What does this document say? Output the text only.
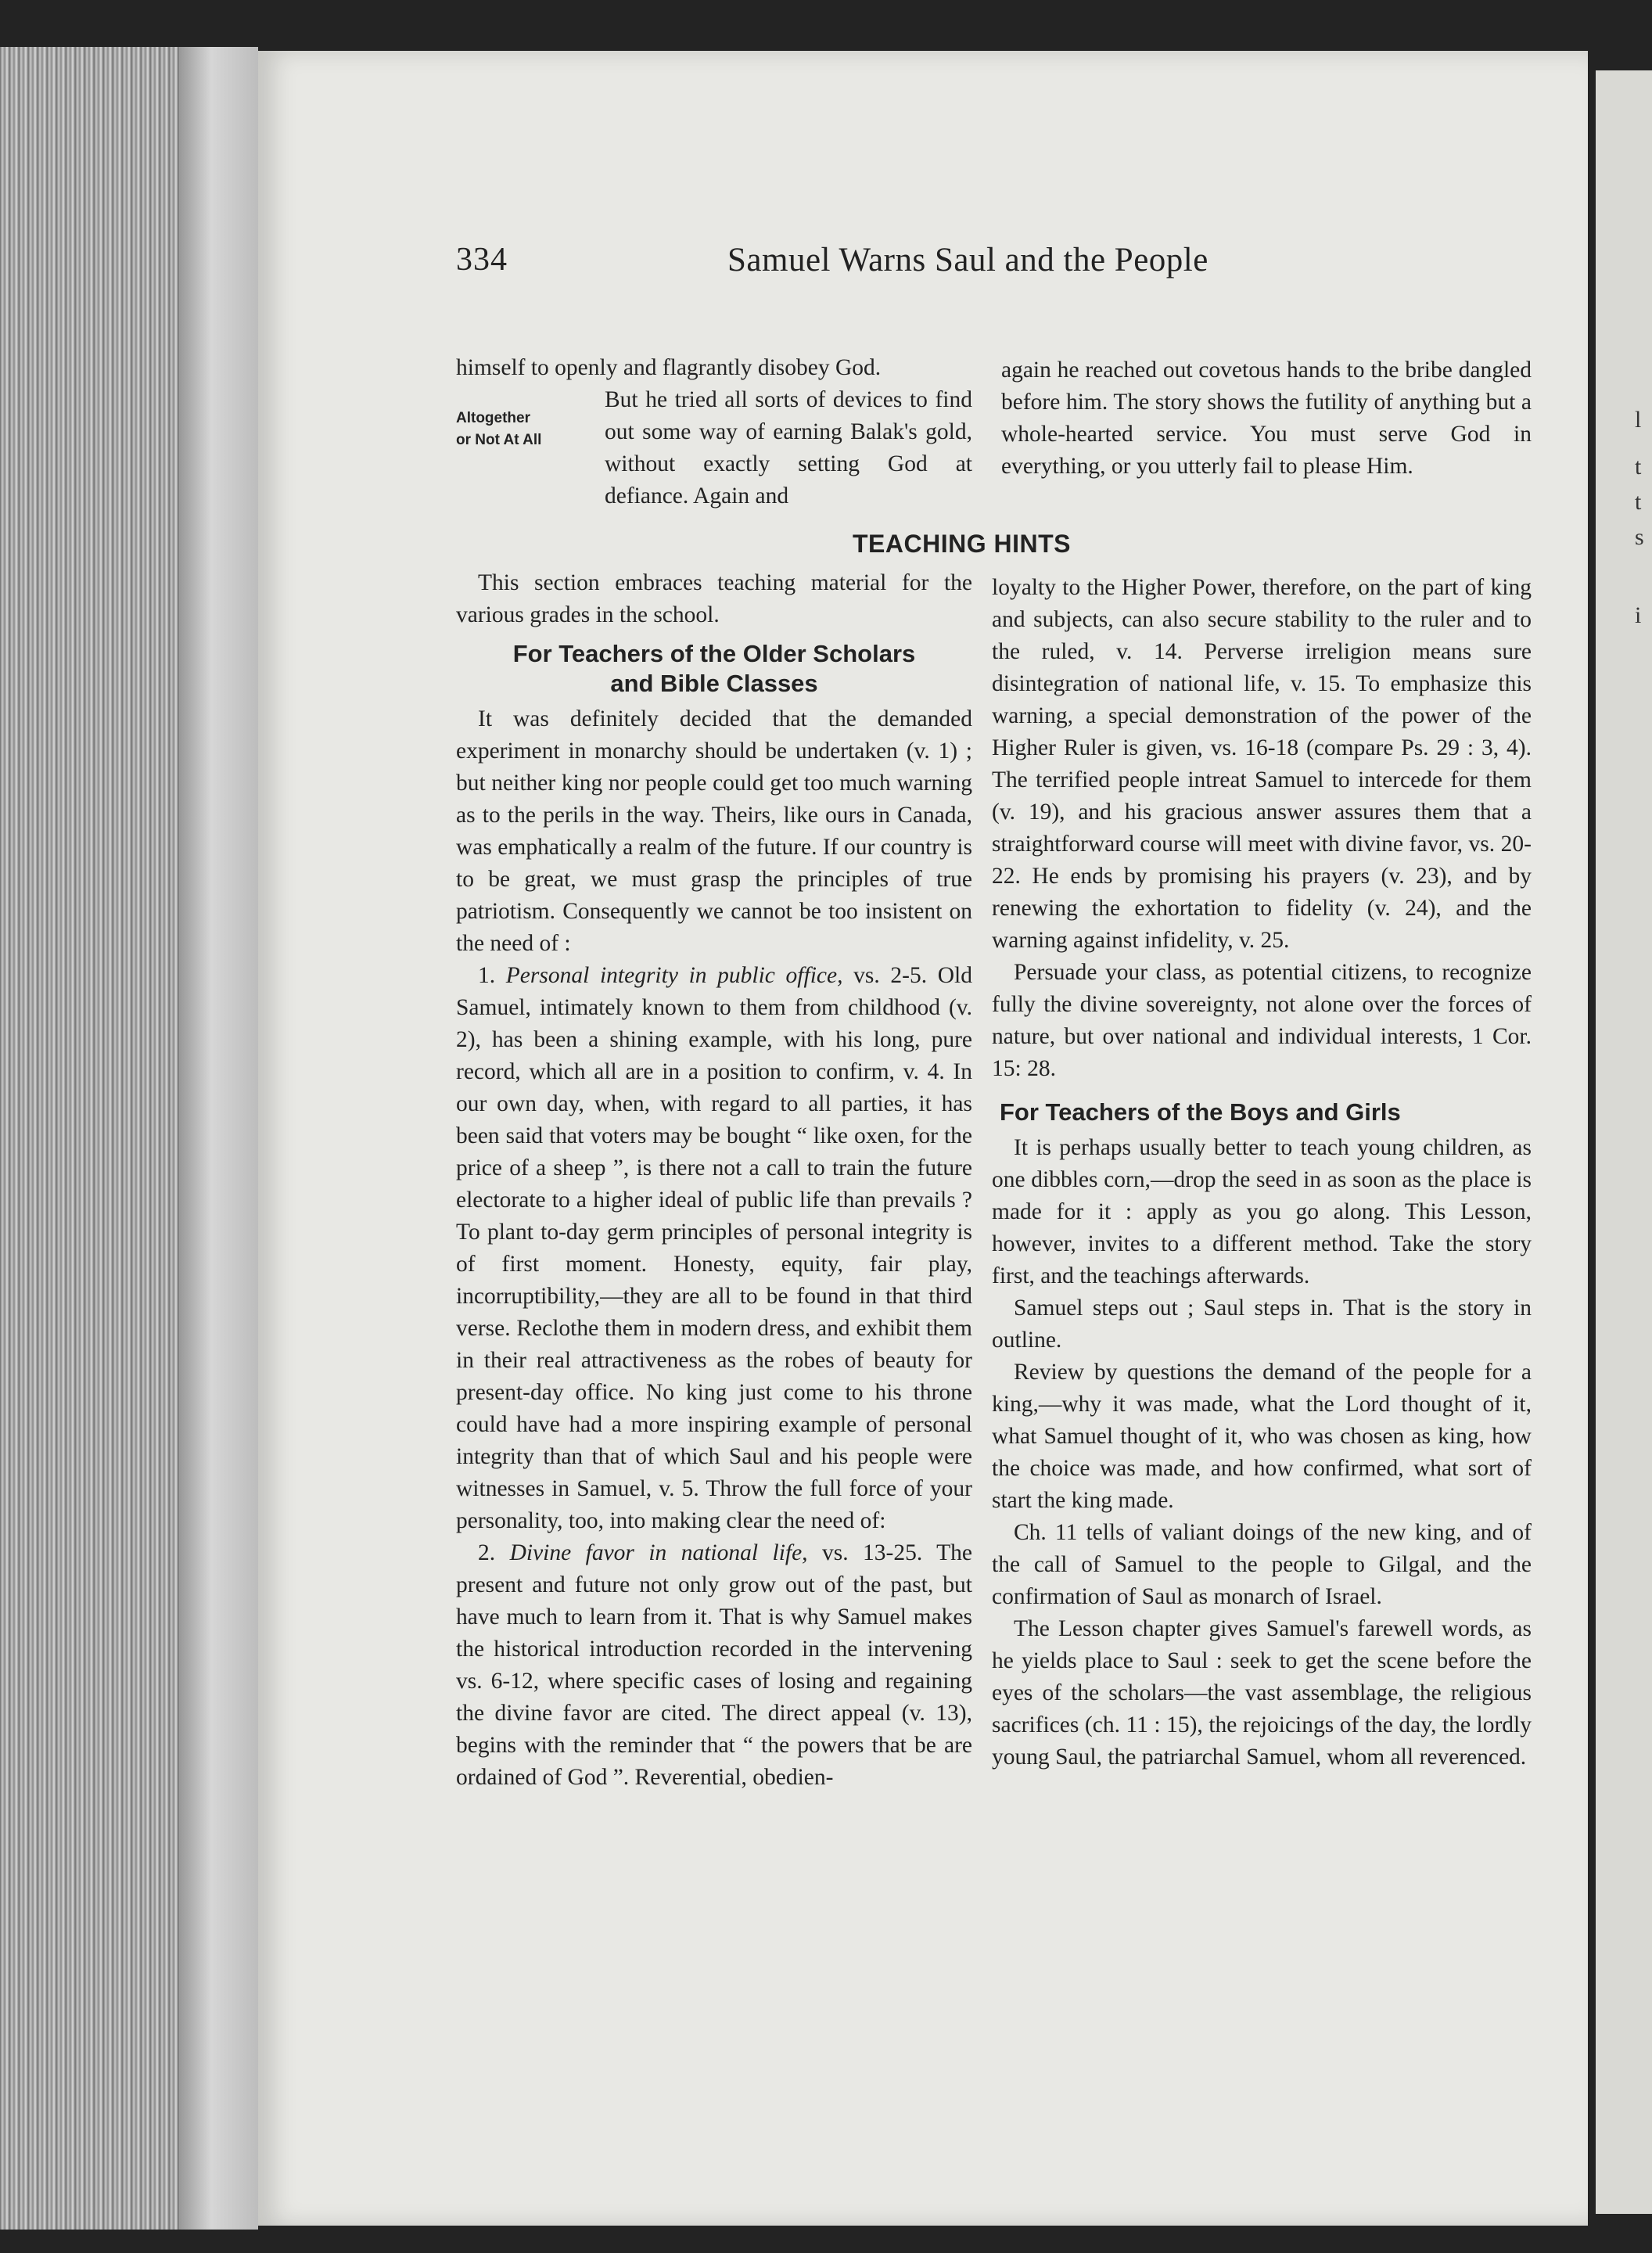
l
t
t
s
i
334	Samuel Warns Saul and the People

himself to openly and flagrantly disobey God.

Altogether
or Not At All

But he tried all sorts of devices to find out some way of earning Balak's gold, without exactly setting God at defiance. Again and

again he reached out covetous hands to the bribe dangled before him. The story shows the futility of anything but a whole-hearted service. You must serve God in everything, or you utterly fail to please Him.

TEACHING HINTS

This section embraces teaching material for the various grades in the school.

For Teachers of the Older Scholars
and Bible Classes

It was definitely decided that the demanded experiment in monarchy should be undertaken (v. 1) ; but neither king nor people could get too much warning as to the perils in the way. Theirs, like ours in Canada, was emphatically a realm of the future. If our country is to be great, we must grasp the principles of true patriotism. Consequently we cannot be too insistent on the need of :

1. Personal integrity in public office, vs. 2-5. Old Samuel, intimately known to them from childhood (v. 2), has been a shining example, with his long, pure record, which all are in a position to confirm, v. 4. In our own day, when, with regard to all parties, it has been said that voters may be bought “ like oxen, for the price of a sheep ”, is there not a call to train the future electorate to a higher ideal of public life than prevails ? To plant to-day germ principles of personal integrity is of first moment. Honesty, equity, fair play, incorruptibility,—they are all to be found in that third verse. Reclothe them in modern dress, and exhibit them in their real attractiveness as the robes of beauty for present-day office. No king just come to his throne could have had a more inspiring example of personal integrity than that of which Saul and his people were witnesses in Samuel, v. 5. Throw the full force of your personality, too, into making clear the need of:

2. Divine favor in national life, vs. 13-25. The present and future not only grow out of the past, but have much to learn from it. That is why Samuel makes the historical introduction recorded in the intervening vs. 6-12, where specific cases of losing and regaining the divine favor are cited. The direct appeal (v. 13), begins with the reminder that “ the powers that be are ordained of God ”. Reverential, obedien-

loyalty to the Higher Power, therefore, on the part of king and subjects, can also secure stability to the ruler and to the ruled, v. 14. Perverse irreligion means sure disintegration of national life, v. 15. To emphasize this warning, a special demonstration of the power of the Higher Ruler is given, vs. 16-18 (compare Ps. 29 : 3, 4). The terrified people intreat Samuel to intercede for them (v. 19), and his gracious answer assures them that a straightforward course will meet with divine favor, vs. 20-22. He ends by promising his prayers (v. 23), and by renewing the exhortation to fidelity (v. 24), and the warning against infidelity, v. 25.

Persuade your class, as potential citizens, to recognize fully the divine sovereignty, not alone over the forces of nature, but over national and individual interests, 1 Cor. 15: 28.

For Teachers of the Boys and Girls

It is perhaps usually better to teach young children, as one dibbles corn,—drop the seed in as soon as the place is made for it : apply as you go along. This Lesson, however, invites to a different method. Take the story first, and the teachings afterwards.

Samuel steps out ; Saul steps in. That is the story in outline.

Review by questions the demand of the people for a king,—why it was made, what the Lord thought of it, what Samuel thought of it, who was chosen as king, how the choice was made, and how confirmed, what sort of start the king made.

Ch. 11 tells of valiant doings of the new king, and of the call of Samuel to the people to Gilgal, and the confirmation of Saul as monarch of Israel.

The Lesson chapter gives Samuel's farewell words, as he yields place to Saul : seek to get the scene before the eyes of the scholars—the vast assemblage, the religious sacrifices (ch. 11 : 15), the rejoicings of the day, the lordly young Saul, the patriarchal Samuel, whom all reverenced.
